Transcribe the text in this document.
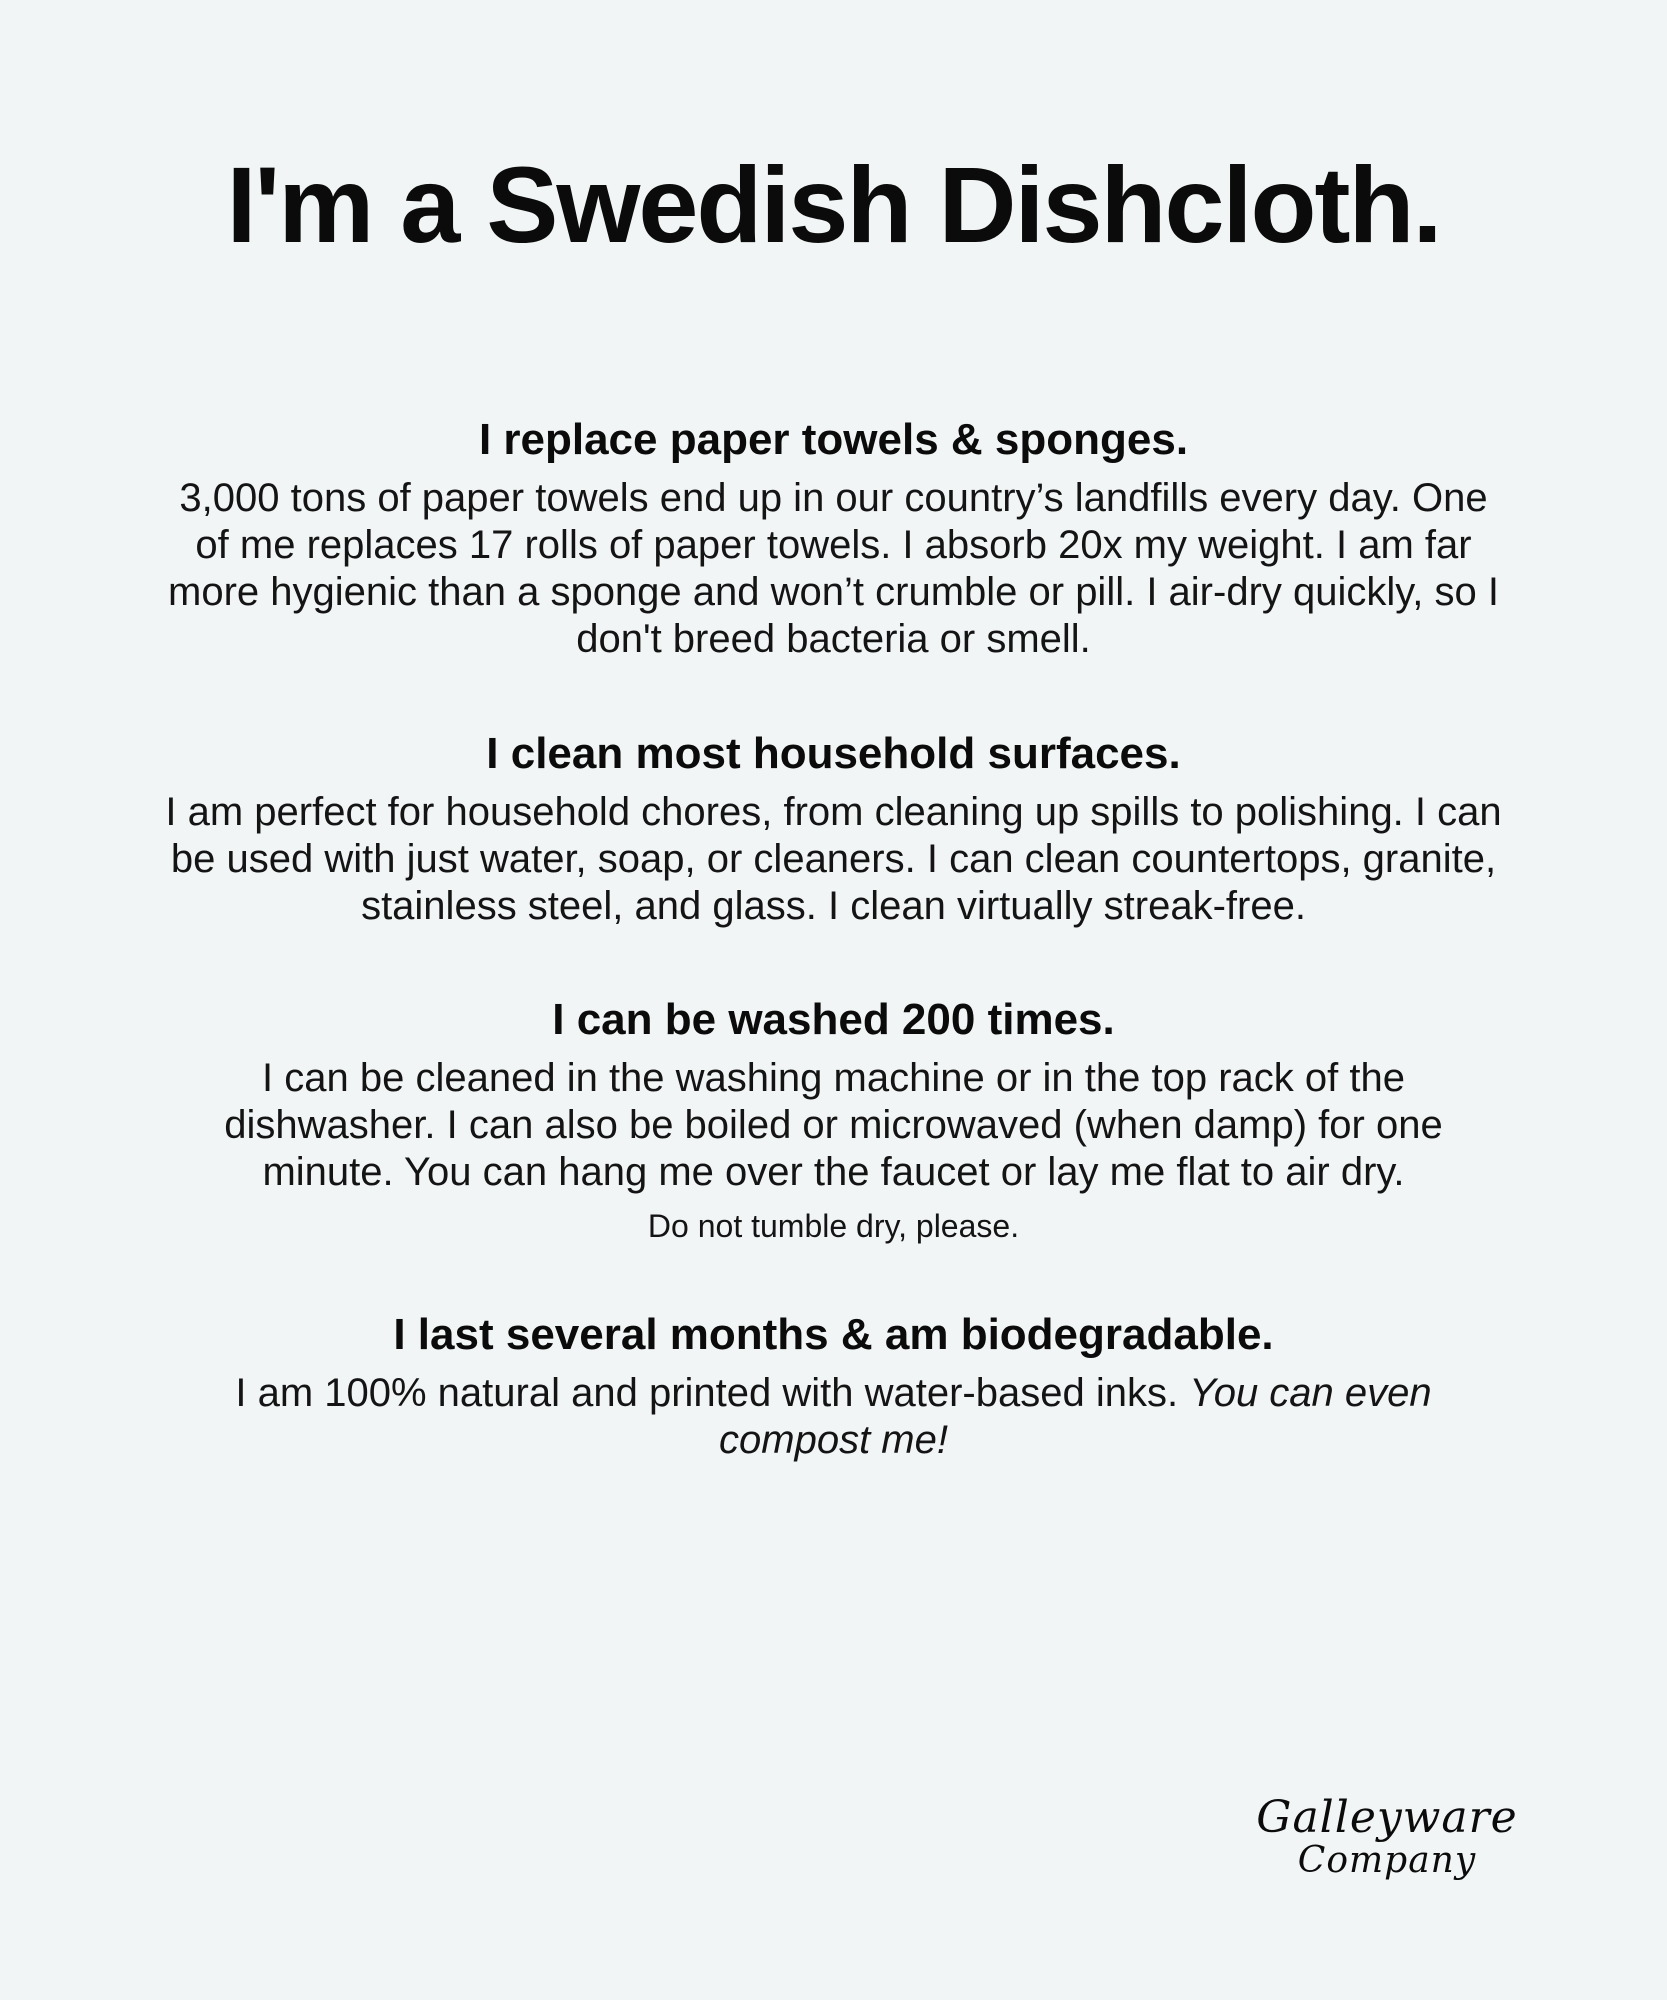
I'm a Swedish Dishcloth.
I replace paper towels & sponges.
3,000 tons of paper towels end up in our country’s landfills every day. One of me replaces 17 rolls of paper towels. I absorb 20x my weight. I am far more hygienic than a sponge and won’t crumble or pill. I air-dry quickly, so I don't breed bacteria or smell.
I clean most household surfaces.
I am perfect for household chores, from cleaning up spills to polishing. I can be used with just water, soap, or cleaners. I can clean countertops, granite, stainless steel, and glass. I clean virtually streak-free.
I can be washed 200 times.
I can be cleaned in the washing machine or in the top rack of the dishwasher. I can also be boiled or microwaved (when damp) for one minute. You can hang me over the faucet or lay me flat to air dry.
Do not tumble dry, please.
I last several months & am biodegradable.
I am 100% natural and printed with water-based inks. You can even compost me!
Galleyware
Company
